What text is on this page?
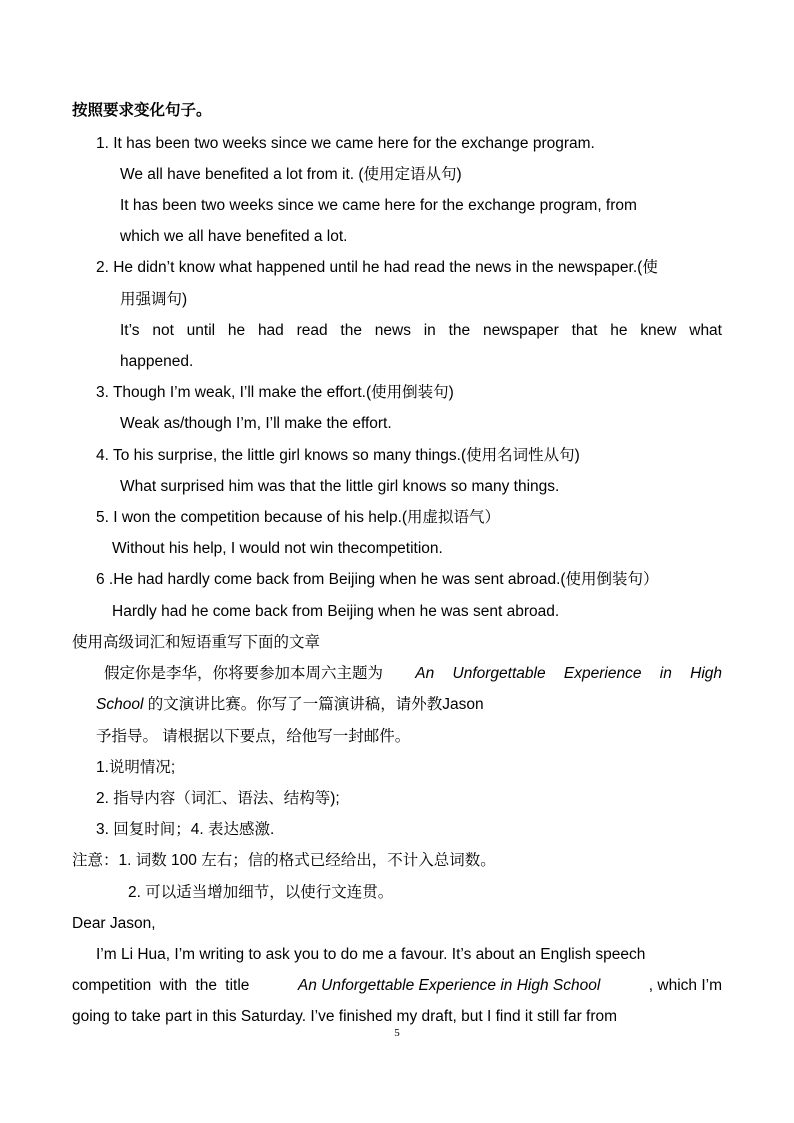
按照要求变化句子。
1. It has been two weeks since we came here for the exchange program.
We all have benefited a lot from it. (使用定语从句)
It has been two weeks since we came here for the exchange program, from
which we all have benefited a lot.
2. He didn’t know what happened until he had read the news in the newspaper.(使
用强调句)
It’s not until he had read the news in the newspaper that he knew what
happened.
3. Though I’m weak, I’ll make the effort.(使用倒装句)
Weak as/though I’m, I’ll make the effort.
4. To his surprise, the little girl knows so many things.(使用名词性从句)
What surprised him was that the little girl knows so many things.
5. I won the competition because of his help.(用虚拟语气）
Without his help, I would not win thecompetition.
6 .He had hardly come back from Beijing when he was sent abroad.(使用倒装句）
Hardly had he come back from Beijing when he was sent abroad.
使用高级词汇和短语重写下面的文章
假定你是李华，你将要参加本周六主题为 An Unforgettable Experience in High
School 的文演讲比赛。你写了一篇演讲稿，请外教Jason
予指导。 请根据以下要点，给他写一封邮件。
1.说明情况;
2. 指导内容（词汇、语法、结构等);
3. 回复时间；4. 表达感激.
注意：1. 词数 100 左右；信的格式已经给出，不计入总词数。
2. 可以适当增加细节，以使行文连贯。
Dear Jason,
I’m Li Hua, I’m writing to ask you to do me a favour. It’s about an English speech
competition with the title	An Unforgettable Experience in High School	, which I’m
going to take part in this Saturday. I’ve finished my draft, but I find it still far from
5
